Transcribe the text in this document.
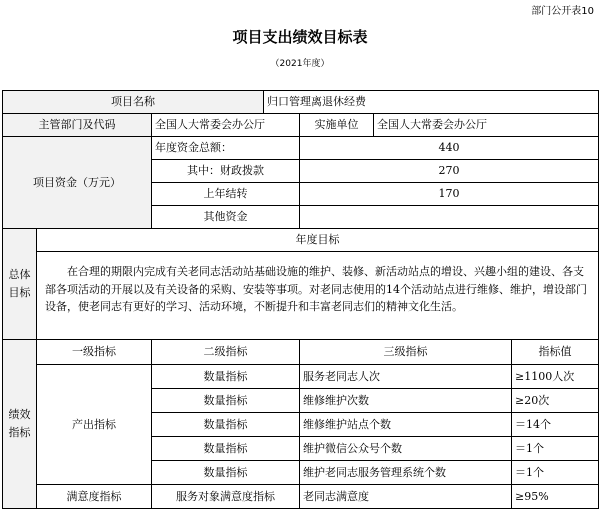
部门公开表10
项目支出绩效目标表
（2021年度）
项目名称			归口管理离退休经费			
主管部门及代码		全国人大常委会办公厅		实施单位	全国人大常委会办公厅	
项目资金（万元）		年度资金总额：		440		
		其中：财政拨款		270		
		上年结转		170		
		其他资金				
总体
目标	年度目标					
	在合理的期限内完成有关老同志活动站基础设施的维护、装修、新活动站点的增设、兴趣小组的建设、各支部各项活动的开展以及有关设备的采购、安装等事项。对老同志使用的14个活动站点进行维修、维护，增设部门设备，使老同志有更好的学习、活动环境，不断提升和丰富老同志们的精神文化生活。					
绩效
指标	一级指标	二级指标		三级指标		指标值
	产出指标	数量指标		服务老同志人次		≥1100人次
		数量指标		维修维护次数		≥20次
		数量指标		维修维护站点个数		＝14个
		数量指标		维护微信公众号个数		＝1个
		数量指标		维护老同志服务管理系统个数		＝1个
	满意度指标	服务对象满意度指标		老同志满意度		≥95%
